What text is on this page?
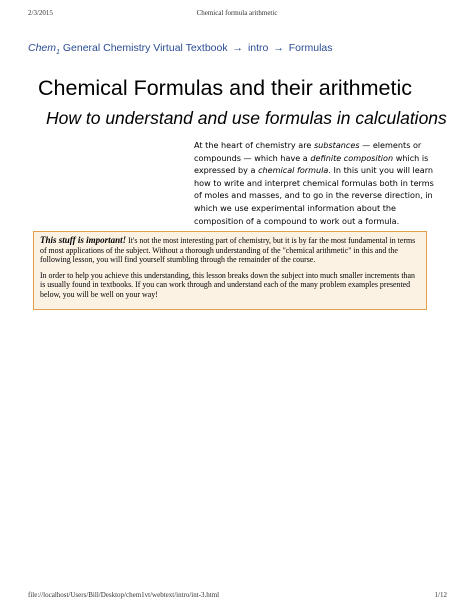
2/3/2015	Chemical formula arithmetic
Chem$_1$ General Chemistry Virtual Textbook → intro → Formulas
Chemical Formulas and their arithmetic
How to understand and use formulas in calculations

At the heart of chemistry are substances — elements or compounds — which have a definite composition which is expressed by a chemical formula. In this unit you will learn how to write and interpret chemical formulas both in terms of moles and masses, and to go in the reverse direction, in which we use experimental information about the composition of a compound to work out a formula.

This stuff is important! It's not the most interesting part of chemistry, but it is by far the most fundamental in terms of most applications of the subject. Without a thorough understanding of the "chemical arithmetic" in this and the following lesson, you will find yourself stumbling through the remainder of the course.

In order to help you achieve this understanding, this lesson breaks down the subject into much smaller increments than is usually found in textbooks. If you can work through and understand each of the many problem examples presented below, you will be well on your way!

file://localhost/Users/Bill/Desktop/chem1vt/webtext/intro/int-3.html	1/12
